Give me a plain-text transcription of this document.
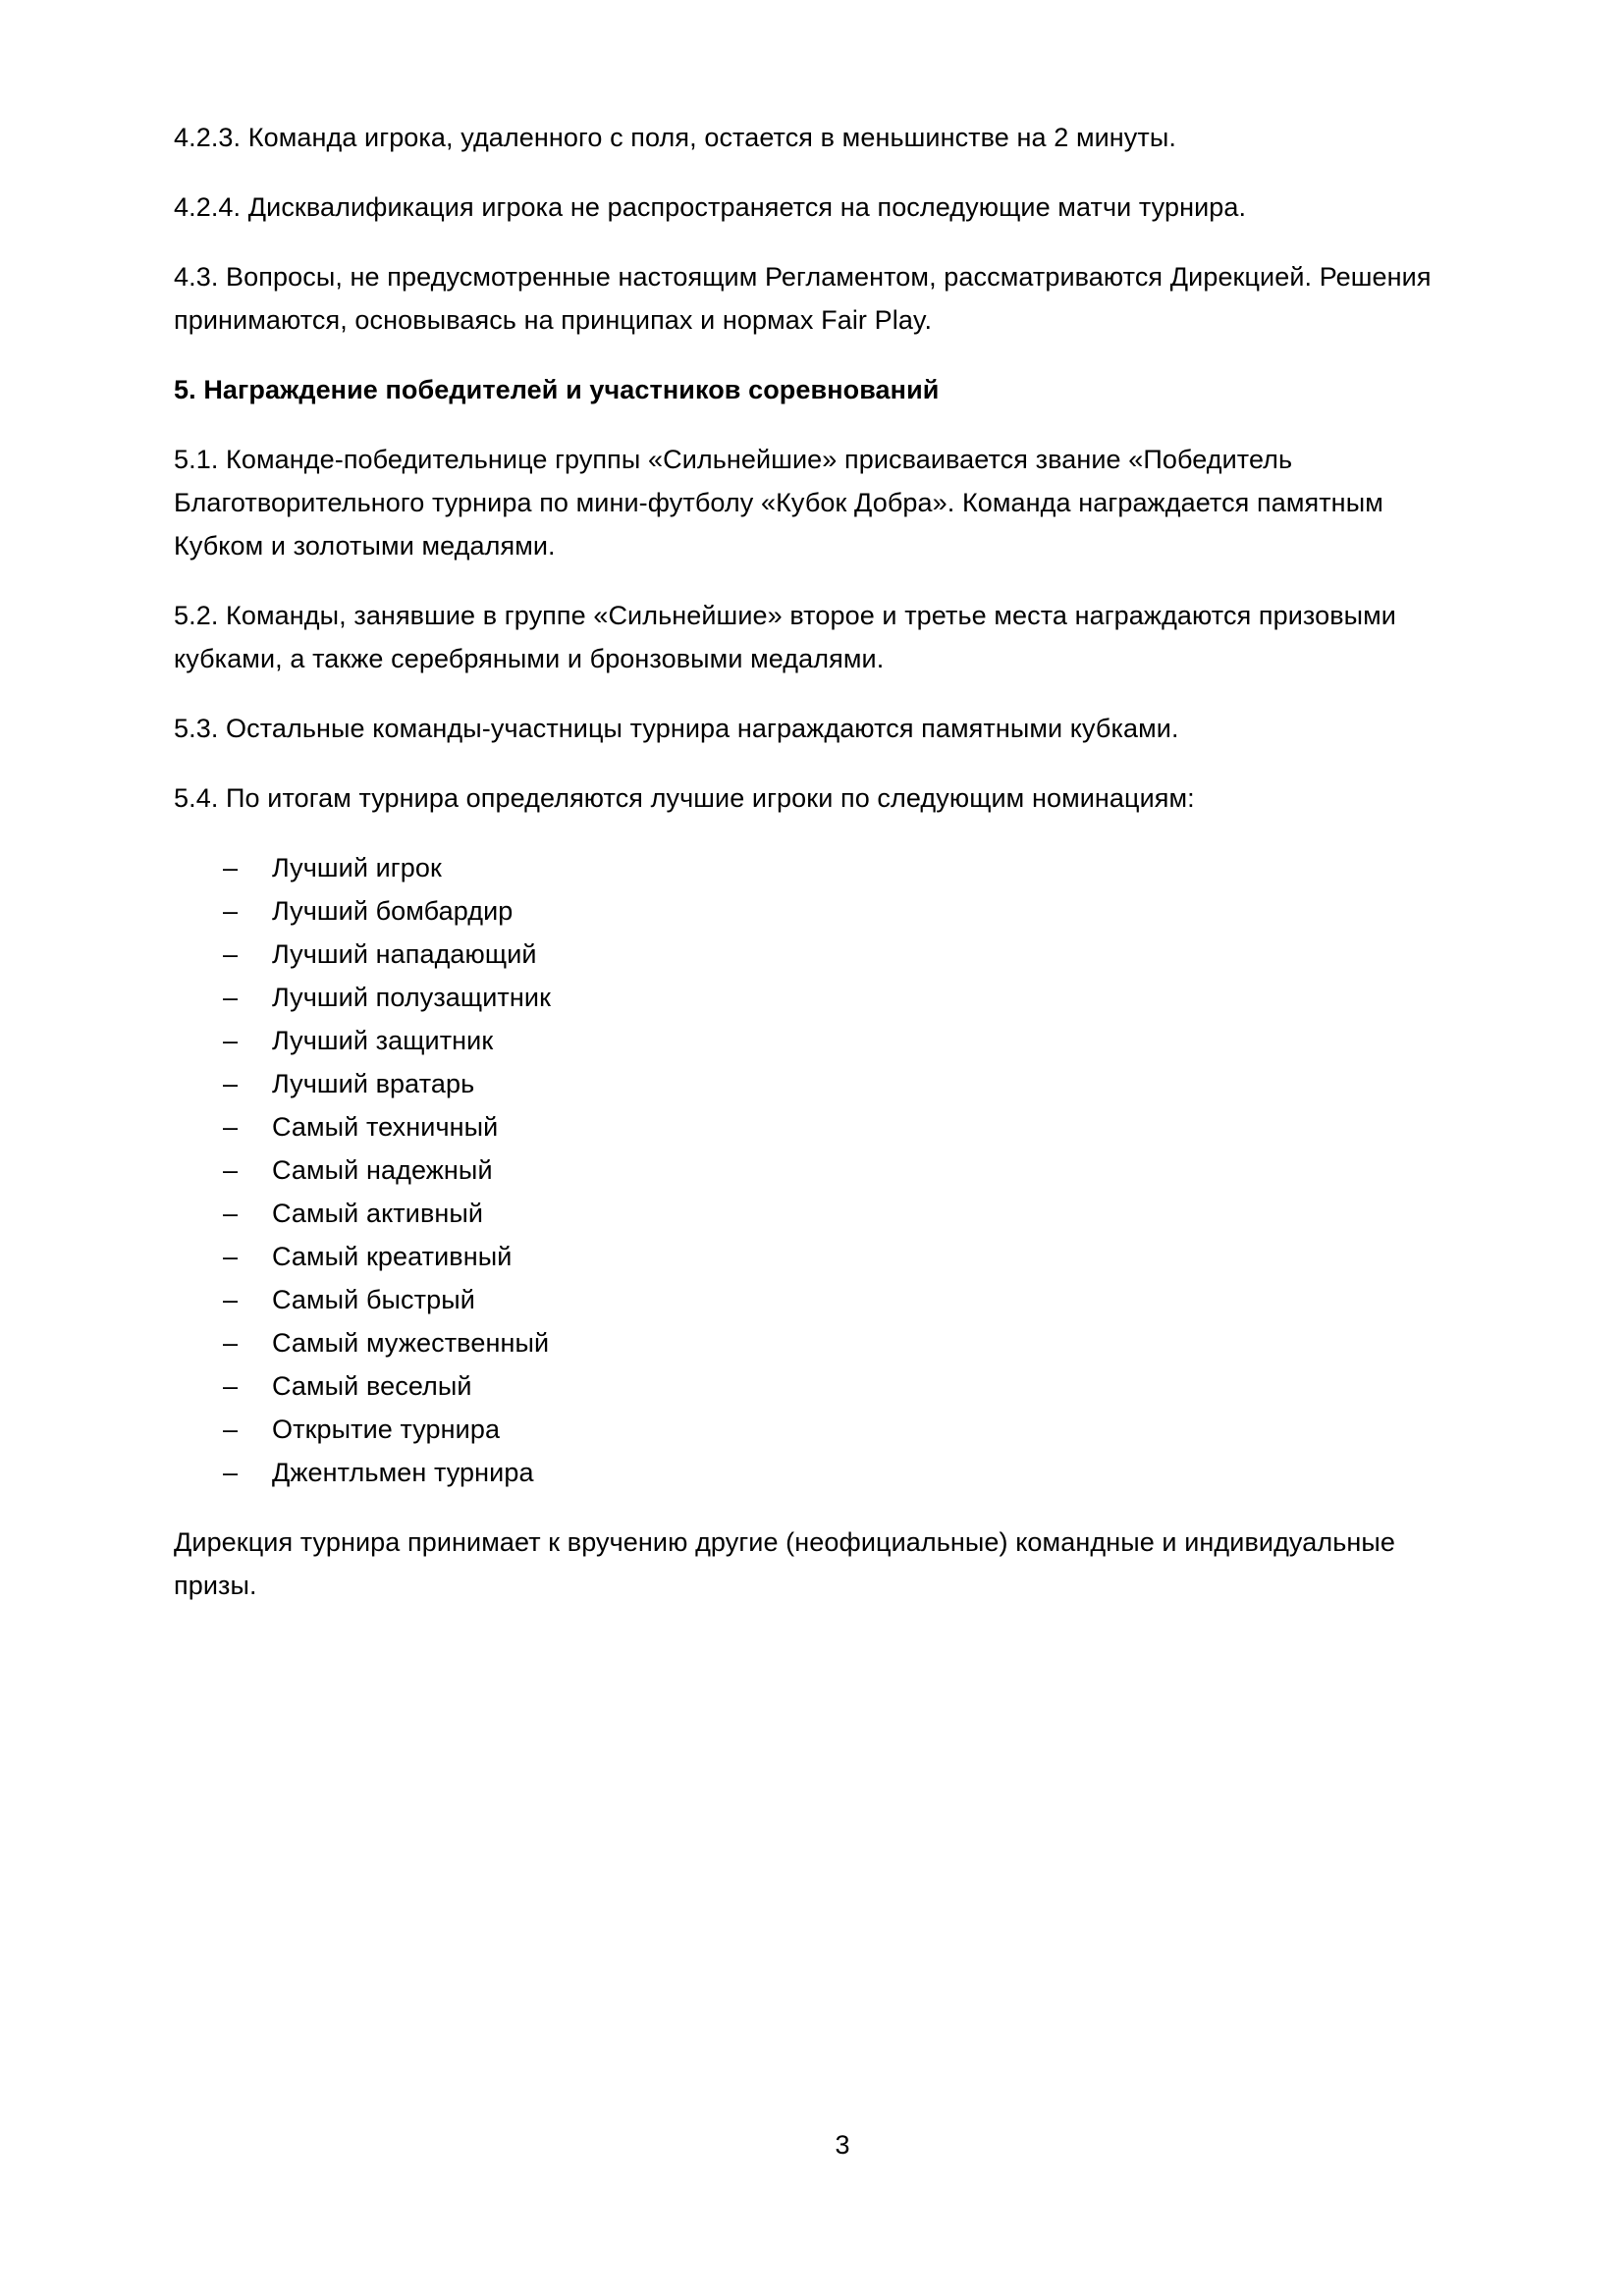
4.2.3. Команда игрока, удаленного с поля, остается в меньшинстве на 2 минуты.

4.2.4. Дисквалификация игрока не распространяется на последующие матчи турнира.

4.3. Вопросы, не предусмотренные настоящим Регламентом, рассматриваются Дирекцией. Решения принимаются, основываясь на принципах и нормах Fair Play.

5. Награждение победителей и участников соревнований

5.1. Команде-победительнице группы «Сильнейшие» присваивается звание «Победитель Благотворительного турнира по мини-футболу «Кубок Добра». Команда награждается памятным Кубком и золотыми медалями.

5.2. Команды, занявшие в группе «Сильнейшие» второе и третье места награждаются призовыми кубками, а также серебряными и бронзовыми медалями.

5.3. Остальные команды-участницы турнира награждаются памятными кубками.

5.4. По итогам турнира определяются лучшие игроки по следующим номинациям:

– Лучший игрок
– Лучший бомбардир
– Лучший нападающий
– Лучший полузащитник
– Лучший защитник
– Лучший вратарь
– Самый техничный
– Самый надежный
– Самый активный
– Самый креативный
– Самый быстрый
– Самый мужественный
– Самый веселый
– Открытие турнира
– Джентльмен турнира

Дирекция турнира принимает к вручению другие (неофициальные) командные и индивидуальные призы.

3
